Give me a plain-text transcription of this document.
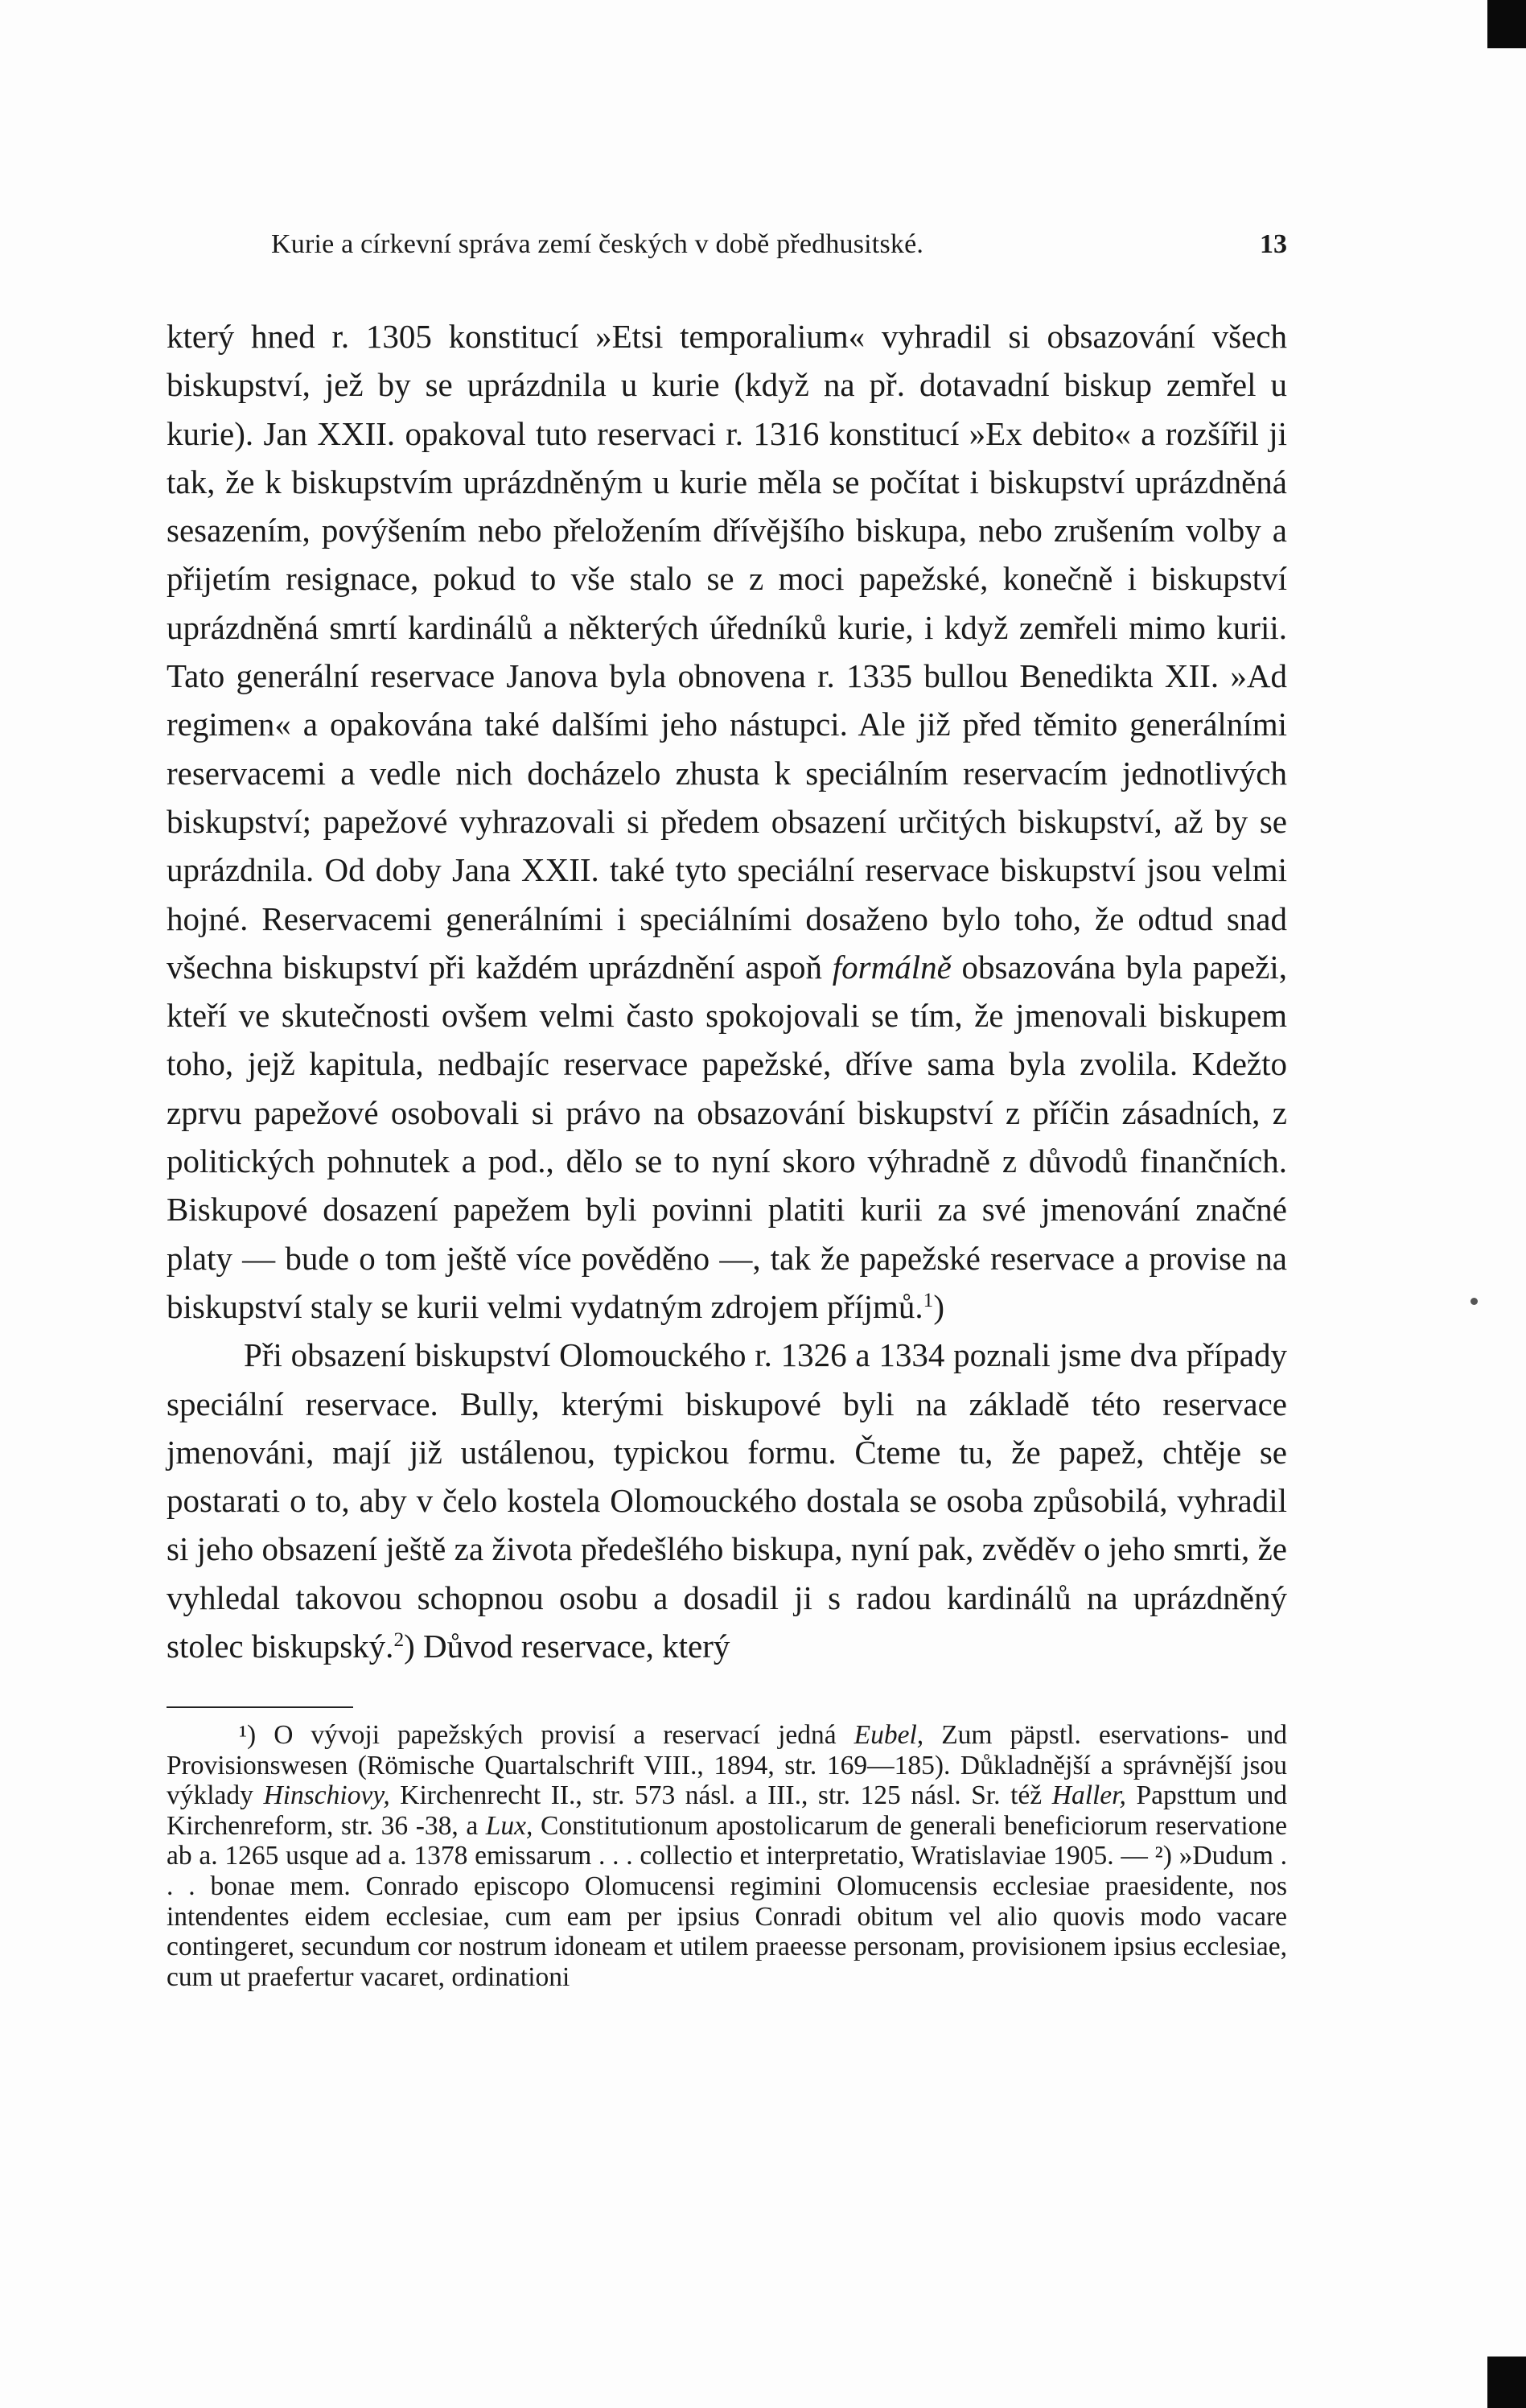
Kurie a církevní správa zemí českých v době předhusitské.	13

který hned r. 1305 konstitucí »Etsi temporalium« vyhradil si obsazování všech biskupství, jež by se uprázdnila u kurie (když na př. dotavadní biskup zemřel u kurie). Jan XXII. opakoval tuto reservaci r. 1316 konstitucí »Ex debito« a rozšířil ji tak, že k biskupstvím uprázdněným u kurie měla se počítat i biskupství uprázdněná sesazením, povýšením nebo přeložením dřívějšího biskupa, nebo zrušením volby a přijetím resignace, pokud to vše stalo se z moci papežské, konečně i biskupství uprázdněná smrtí kardinálů a některých úředníků kurie, i když zemřeli mimo kurii. Tato generální reservace Janova byla obnovena r. 1335 bullou Benedikta XII. »Ad regimen« a opakována také dalšími jeho nástupci. Ale již před těmito generálními reservacemi a vedle nich docházelo zhusta k speciálním reservacím jednotlivých biskupství; papežové vyhrazovali si předem obsazení určitých biskupství, až by se uprázdnila. Od doby Jana XXII. také tyto speciální reservace biskupství jsou velmi hojné. Reservacemi generálními i speciálními dosaženo bylo toho, že odtud snad všechna biskupství při každém uprázdnění aspoň formálně obsazována byla papeži, kteří ve skutečnosti ovšem velmi často spokojovali se tím, že jmenovali biskupem toho, jejž kapitula, nedbajíc reservace papežské, dříve sama byla zvolila. Kdežto zprvu papežové osobovali si právo na obsazování biskupství z příčin zásadních, z politických pohnutek a pod., dělo se to nyní skoro výhradně z důvodů finančních. Biskupové dosazení papežem byli povinni platiti kurii za své jmenování značné platy — bude o tom ještě více pověděno —, tak že papežské reservace a provise na biskupství staly se kurii velmi vydatným zdrojem příjmů.$^1$)

Při obsazení biskupství Olomouckého r. 1326 a 1334 poznali jsme dva případy speciální reservace. Bully, kterými biskupové byli na základě této reservace jmenováni, mají již ustálenou, typickou formu. Čteme tu, že papež, chtěje se postarati o to, aby v čelo kostela Olomouckého dostala se osoba způsobilá, vyhradil si jeho obsazení ještě za života předešlého biskupa, nyní pak, zvěděv o jeho smrti, že vyhledal takovou schopnou osobu a dosadil ji s radou kardinálů na uprázdněný stolec biskupský.$^2$) Důvod reservace, který

¹) O vývoji papežských provisí a reservací jedná Eubel, Zum päpstl. eservations- und Provisionswesen (Römische Quartalschrift VIII., 1894, str. 169—185). Důkladnější a správnější jsou výklady Hinschiovy, Kirchenrecht II., str. 573 násl. a III., str. 125 násl. Sr. též Haller, Papsttum und Kirchenreform, str. 36 -38, a Lux, Constitutionum apostolicarum de generali beneficiorum reservatione ab a. 1265 usque ad a. 1378 emissarum . . . collectio et interpretatio, Wratislaviae 1905. — ²) »Dudum . . . bonae mem. Conrado episcopo Olomucensi regimini Olomucensis ecclesiae praesidente, nos intendentes eidem ecclesiae, cum eam per ipsius Conradi obitum vel alio quovis modo vacare contingeret, secundum cor nostrum idoneam et utilem praeesse personam, provisionem ipsius ecclesiae, cum ut praefertur vacaret, ordinationi
